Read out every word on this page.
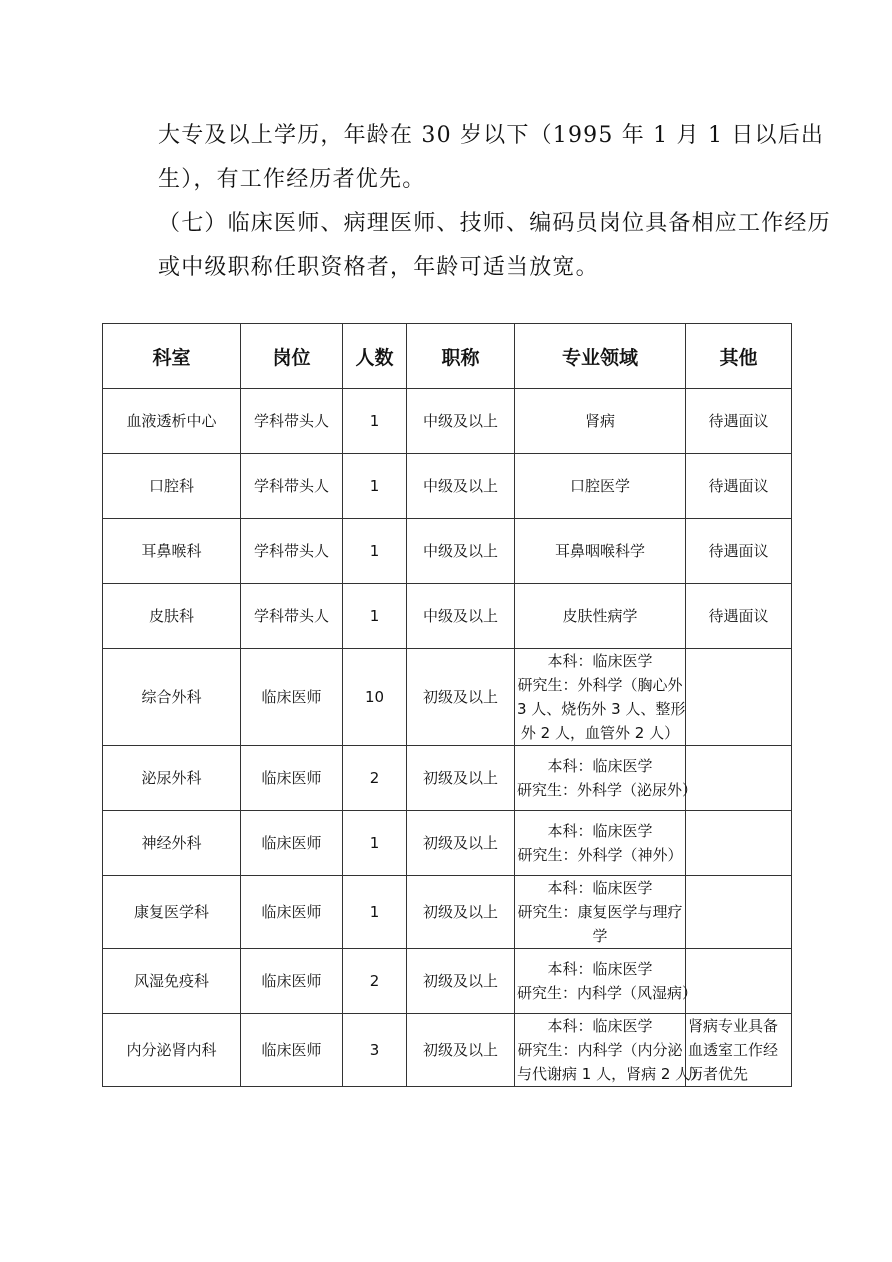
大专及以上学历，年龄在 30 岁以下（1995 年 1 月 1 日以后出生），有工作经历者优先。
（七）临床医师、病理医师、技师、编码员岗位具备相应工作经历或中级职称任职资格者，年龄可适当放宽。
科室	岗位	人数	职称	专业领域	其他
血液透析中心	学科带头人	1	中级及以上	肾病	待遇面议
口腔科	学科带头人	1	中级及以上	口腔医学	待遇面议
耳鼻喉科	学科带头人	1	中级及以上	耳鼻咽喉科学	待遇面议
皮肤科	学科带头人	1	中级及以上	皮肤性病学	待遇面议
综合外科	临床医师	10	初级及以上	本科：临床医学
研究生：外科学（胸心外
3 人、烧伤外 3 人、整形
外 2 人，血管外 2 人）	

泌尿外科	临床医师	2	初级及以上	本科：临床医学
研究生：外科学（泌尿外）	

神经外科	临床医师	1	初级及以上	本科：临床医学
研究生：外科学（神外）	

康复医学科	临床医师	1	初级及以上	本科：临床医学
研究生：康复医学与理疗
学	

风湿免疫科	临床医师	2	初级及以上	本科：临床医学
研究生：内科学（风湿病）	

内分泌肾内科	临床医师	3	初级及以上	本科：临床医学
研究生：内科学（内分泌
与代谢病 1 人，肾病 2 人）	肾病专业具备血透室工作经历者优先
